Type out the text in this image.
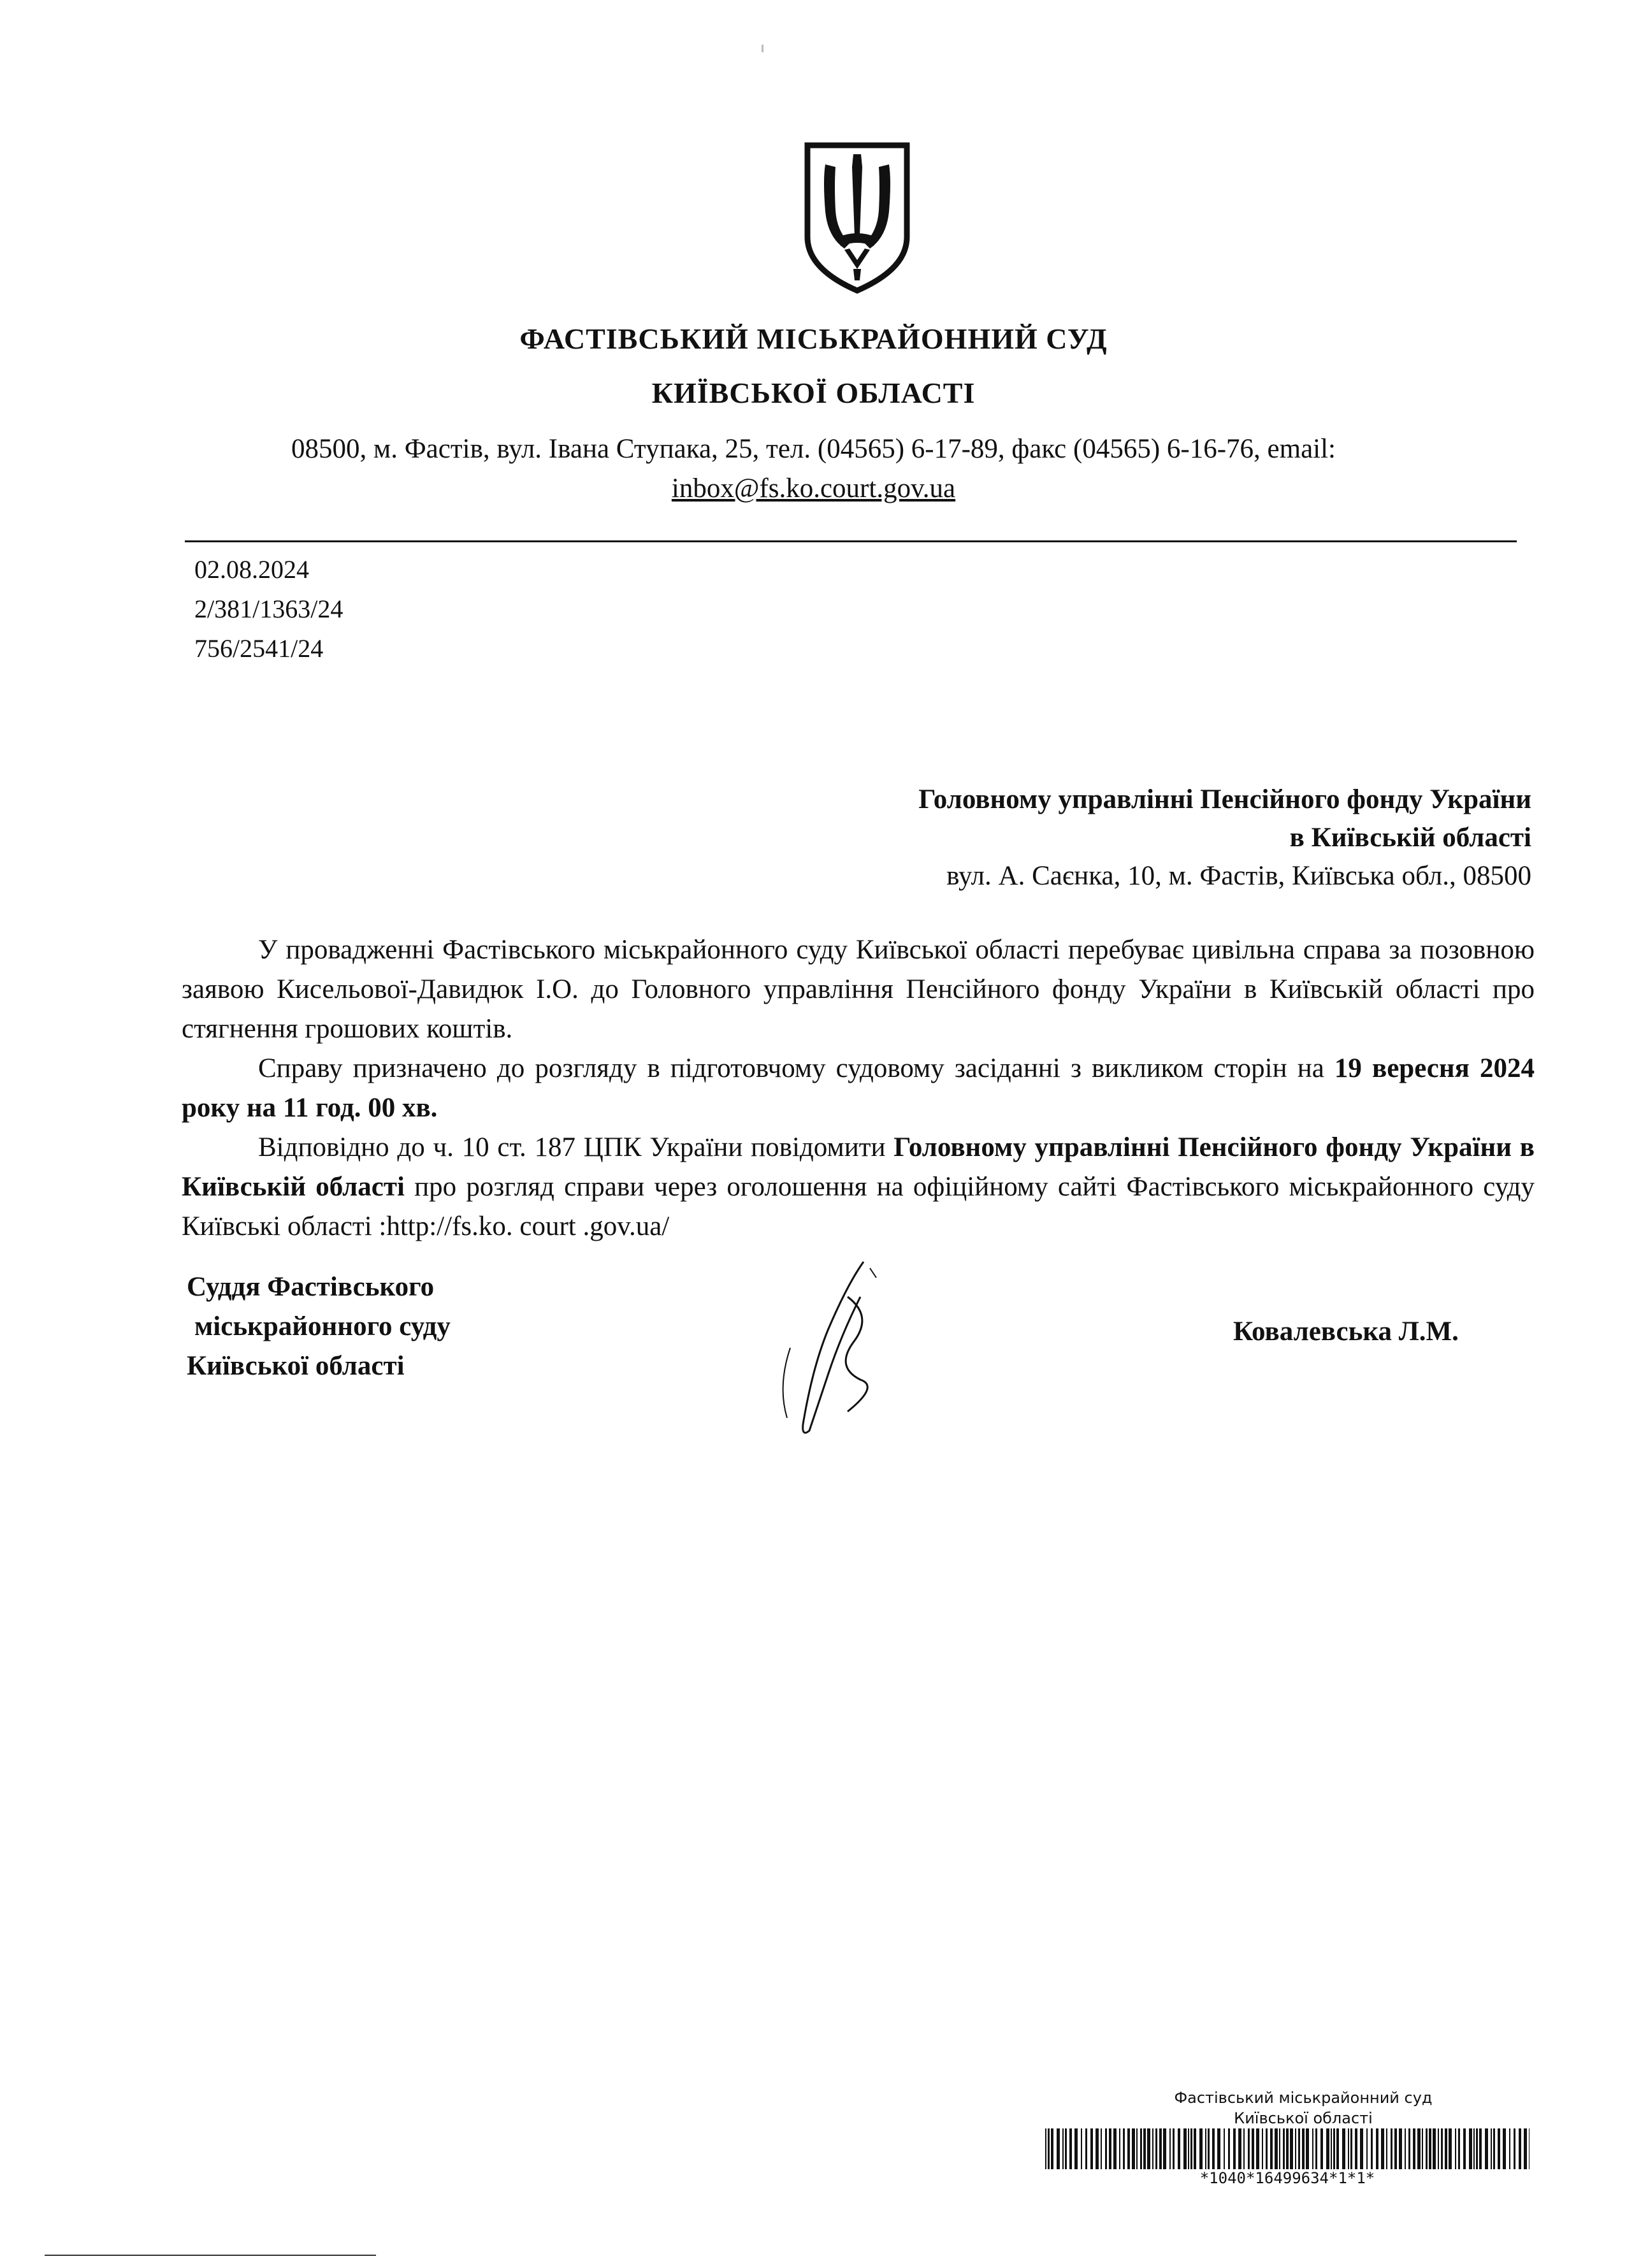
ФАСТІВСЬКИЙ МІСЬКРАЙОННИЙ СУД
КИЇВСЬКОЇ ОБЛАСТІ
08500, м. Фастів, вул. Івана Ступака, 25, тел. (04565) 6-17-89, факс (04565) 6-16-76, email:
inbox@fs.ko.court.gov.ua
02.08.2024
2/381/1363/24
756/2541/24
Головному управлінні Пенсійного фонду України
в Київській області
вул. А. Саєнка, 10, м. Фастів, Київська обл., 08500

У провадженні Фастівського міськрайонного суду Київської області перебуває цивільна справа за позовною заявою Кисельової-Давидюк І.О. до Головного управління Пенсійного фонду України в Київській області про стягнення грошових коштів.

Справу призначено до розгляду в підготовчому судовому засіданні з викликом сторін на 19 вересня 2024 року на 11 год. 00 хв.

Відповідно до ч. 10 ст. 187 ЦПК України повідомити Головному управлінні Пенсійного фонду України в Київській області про розгляд справи через оголошення на офіційному сайті Фастівського міськрайонного суду Київські області :http://fs.ko. court .gov.ua/

Суддя Фастівського
міськрайонного суду
Київської області
Ковалевська Л.М.
Фастівський міськрайонний суд
Київської області
*1040*16499634*1*1*
